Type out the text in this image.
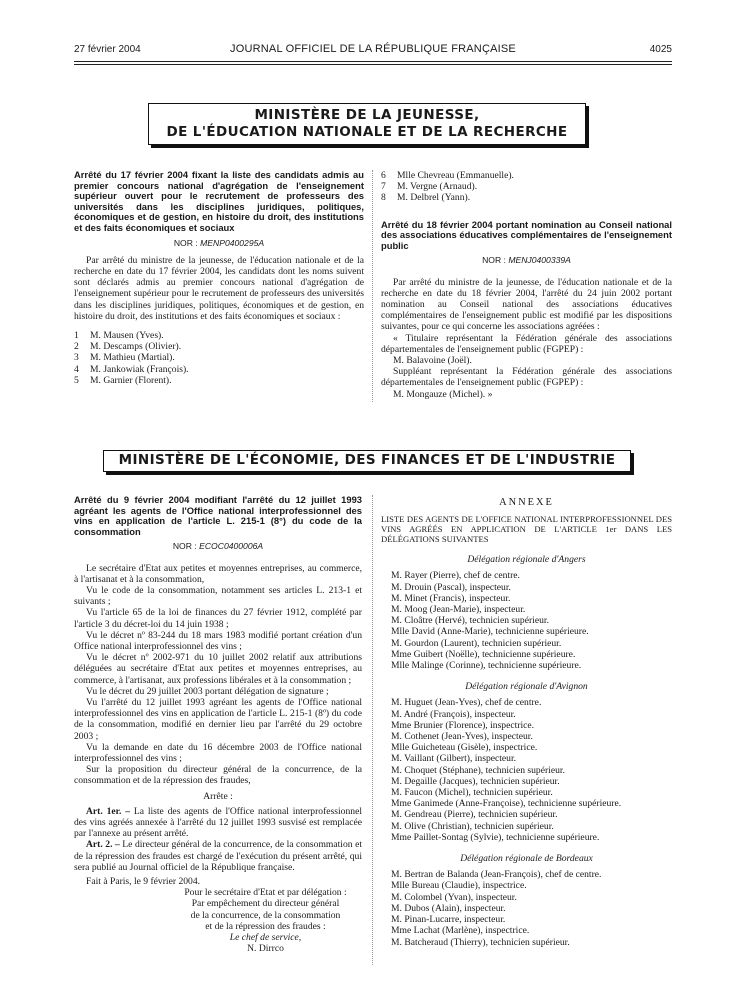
27 février 2004	JOURNAL OFFICIEL DE LA RÉPUBLIQUE FRANÇAISE	4025
MINISTÈRE DE LA JEUNESSE,
DE L'ÉDUCATION NATIONALE ET DE LA RECHERCHE
Arrêté du 17 février 2004 fixant la liste des candidats admis au premier concours national d'agrégation de l'enseignement supérieur ouvert pour le recrutement de professeurs des universités dans les disciplines juridiques, politiques, économiques et de gestion, en histoire du droit, des institutions et des faits économiques et sociaux
NOR : MENP0400295A

Par arrêté du ministre de la jeunesse, de l'éducation nationale et de la recherche en date du 17 février 2004, les candidats dont les noms suivent sont déclarés admis au premier concours national d'agrégation de l'enseignement supérieur pour le recrutement de professeurs des universités dans les disciplines juridiques, politiques, économiques et de gestion, en histoire du droit, des institutions et des faits économiques et sociaux :

1 M. Mausen (Yves).
2 M. Descamps (Olivier).
3 M. Mathieu (Martial).
4 M. Jankowiak (François).
5 M. Garnier (Florent).
6 Mlle Chevreau (Emmanuelle).
7 M. Vergne (Arnaud).
8 M. Delbrel (Yann).
Arrêté du 18 février 2004 portant nomination au Conseil national des associations éducatives complémentaires de l'enseignement public
NOR : MENJ0400339A

Par arrêté du ministre de la jeunesse, de l'éducation nationale et de la recherche en date du 18 février 2004, l'arrêté du 24 juin 2002 portant nomination au Conseil national des associations éducatives complémentaires de l'enseignement public est modifié par les dispositions suivantes, pour ce qui concerne les associations agréées :

« Titulaire représentant la Fédération générale des associations départementales de l'enseignement public (FGPEP) :

M. Balavoine (Joël).

Suppléant représentant la Fédération générale des associations départementales de l'enseignement public (FGPEP) :

M. Mongauze (Michel). »

MINISTÈRE DE L'ÉCONOMIE, DES FINANCES ET DE L'INDUSTRIE
Arrêté du 9 février 2004 modifiant l'arrêté du 12 juillet 1993 agréant les agents de l'Office national interprofessionnel des vins en application de l'article L. 215-1 (8°) du code de la consommation
NOR : ECOC0400006A

Le secrétaire d'Etat aux petites et moyennes entreprises, au commerce, à l'artisanat et à la consommation,

Vu le code de la consommation, notamment ses articles L. 213-1 et suivants ;

Vu l'article 65 de la loi de finances du 27 février 1912, complété par l'article 3 du décret-loi du 14 juin 1938 ;

Vu le décret nº 83-244 du 18 mars 1983 modifié portant création d'un Office national interprofessionnel des vins ;

Vu le décret nº 2002-971 du 10 juillet 2002 relatif aux attributions déléguées au secrétaire d'Etat aux petites et moyennes entreprises, au commerce, à l'artisanat, aux professions libérales et à la consommation ;

Vu le décret du 29 juillet 2003 portant délégation de signature ;

Vu l'arrêté du 12 juillet 1993 agréant les agents de l'Office national interprofessionnel des vins en application de l'article L. 215-1 (8º) du code de la consommation, modifié en dernier lieu par l'arrêté du 29 octobre 2003 ;

Vu la demande en date du 16 décembre 2003 de l'Office national interprofessionnel des vins ;

Sur la proposition du directeur général de la concurrence, de la consommation et de la répression des fraudes,

Arrête :

Art. 1er. – La liste des agents de l'Office national interprofessionnel des vins agréés annexée à l'arrêté du 12 juillet 1993 susvisé est remplacée par l'annexe au présent arrêté.

Art. 2. – Le directeur général de la concurrence, de la consommation et de la répression des fraudes est chargé de l'exécution du présent arrêté, qui sera publié au Journal officiel de la République française.

Fait à Paris, le 9 février 2004.

Pour le secrétaire d'Etat et par délégation :
Par empêchement du directeur général
de la concurrence, de la consommation
et de la répression des fraudes :
Le chef de service,
N. Dirrco
ANNEXE
LISTE DES AGENTS DE L'OFFICE NATIONAL INTERPROFESSIONNEL DES VINS AGRÉÉS EN APPLICATION DE L'ARTICLE 1er DANS LES DÉLÉGATIONS SUIVANTES
Délégation régionale d'Angers
M. Rayer (Pierre), chef de centre.
M. Drouin (Pascal), inspecteur.
M. Minet (Francis), inspecteur.
M. Moog (Jean-Marie), inspecteur.
M. Cloâtre (Hervé), technicien supérieur.
Mlle David (Anne-Marie), technicienne supérieure.
M. Gourdon (Laurent), technicien supérieur.
Mme Guibert (Noëlle), technicienne supérieure.
Mlle Malinge (Corinne), technicienne supérieure.
Délégation régionale d'Avignon
M. Huguet (Jean-Yves), chef de centre.
M. André (François), inspecteur.
Mme Brunier (Florence), inspectrice.
M. Cothenet (Jean-Yves), inspecteur.
Mlle Guicheteau (Gisèle), inspectrice.
M. Vaillant (Gilbert), inspecteur.
M. Choquet (Stéphane), technicien supérieur.
M. Degaille (Jacques), technicien supérieur.
M. Faucon (Michel), technicien supérieur.
Mme Ganimede (Anne-Françoise), technicienne supérieure.
M. Gendreau (Pierre), technicien supérieur.
M. Olive (Christian), technicien supérieur.
Mme Paillet-Sontag (Sylvie), technicienne supérieure.
Délégation régionale de Bordeaux
M. Bertran de Balanda (Jean-François), chef de centre.
Mlle Bureau (Claudie), inspectrice.
M. Colombel (Yvan), inspecteur.
M. Dubos (Alain), inspecteur.
M. Pinan-Lucarre, inspecteur.
Mme Lachat (Marlène), inspectrice.
M. Batcheraud (Thierry), technicien supérieur.
